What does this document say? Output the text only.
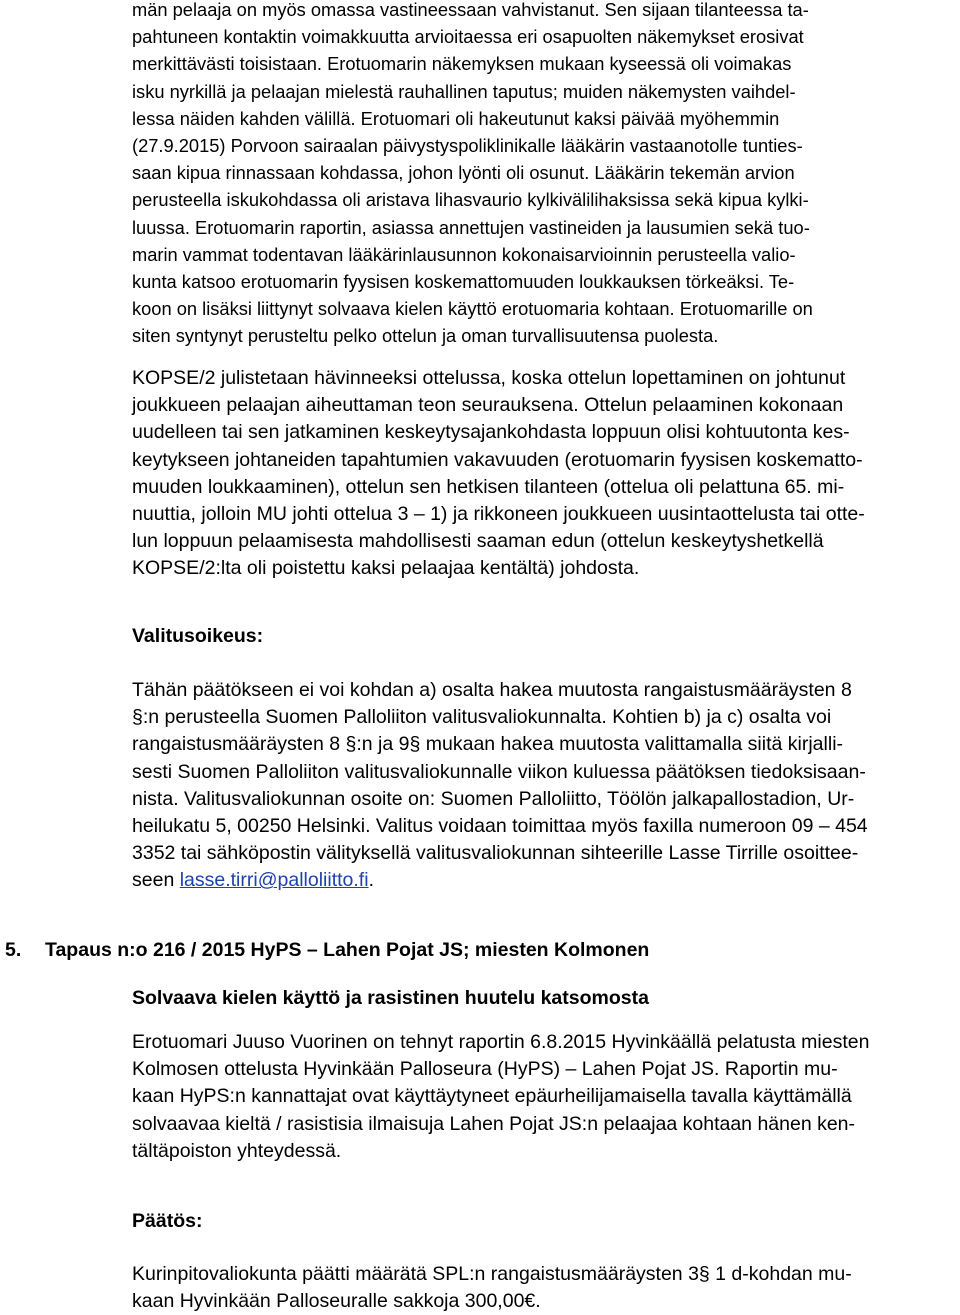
män pelaaja on myös omassa vastineessaan vahvistanut. Sen sijaan tilanteessa ta-
pahtuneen kontaktin voimakkuutta arvioitaessa eri osapuolten näkemykset erosivat
merkittävästi toisistaan. Erotuomarin näkemyksen mukaan kyseessä oli voimakas
isku nyrkillä ja pelaajan mielestä rauhallinen taputus; muiden näkemysten vaihdel-
lessa näiden kahden välillä. Erotuomari oli hakeutunut kaksi päivää myöhemmin
(27.9.2015) Porvoon sairaalan päivystyspoliklinikalle lääkärin vastaanotolle tunties-
saan kipua rinnassaan kohdassa, johon lyönti oli osunut. Lääkärin tekemän arvion
perusteella iskukohdassa oli aristava lihasvaurio kylkivälilihaksissa sekä kipua kylki-
luussa. Erotuomarin raportin, asiassa annettujen vastineiden ja lausumien sekä tuo-
marin vammat todentavan lääkärinlausunnon kokonaisarvioinnin perusteella valio-
kunta katsoo erotuomarin fyysisen koskemattomuuden loukkauksen törkeäksi. Te-
koon on lisäksi liittynyt solvaava kielen käyttö erotuomaria kohtaan. Erotuomarille on
siten syntynyt perusteltu pelko ottelun ja oman turvallisuutensa puolesta.
KOPSE/2 julistetaan hävinneeksi ottelussa, koska ottelun lopettaminen on johtunut
joukkueen pelaajan aiheuttaman teon seurauksena. Ottelun pelaaminen kokonaan
uudelleen tai sen jatkaminen keskeytysajankohdasta loppuun olisi kohtuutonta kes-
keytykseen johtaneiden tapahtumien vakavuuden (erotuomarin fyysisen koskematto-
muuden loukkaaminen), ottelun sen hetkisen tilanteen (ottelua oli pelattuna 65. mi-
nuuttia, jolloin MU johti ottelua 3 – 1) ja rikkoneen joukkueen uusintaottelusta tai otte-
lun loppuun pelaamisesta mahdollisesti saaman edun (ottelun keskeytyshetkellä
KOPSE/2:lta oli poistettu kaksi pelaajaa kentältä) johdosta.
Valitusoikeus:
Tähän päätökseen ei voi kohdan a) osalta hakea muutosta rangaistusmääräysten 8
§:n perusteella Suomen Palloliiton valitusvaliokunnalta. Kohtien b) ja c) osalta voi
rangaistusmääräysten 8 §:n ja 9§ mukaan hakea muutosta valittamalla siitä kirjalli-
sesti Suomen Palloliiton valitusvaliokunnalle viikon kuluessa päätöksen tiedoksisaan-
nista. Valitusvaliokunnan osoite on: Suomen Palloliitto, Töölön jalkapallostadion, Ur-
heilukatu 5, 00250 Helsinki. Valitus voidaan toimittaa myös faxilla numeroon 09 – 454
3352 tai sähköpostin välityksellä valitusvaliokunnan sihteerille Lasse Tirrille osoittee-
seen lasse.tirri@palloliitto.fi.
5. Tapaus n:o 216 / 2015 HyPS – Lahen Pojat JS; miesten Kolmonen
Solvaava kielen käyttö ja rasistinen huutelu katsomosta
Erotuomari Juuso Vuorinen on tehnyt raportin 6.8.2015 Hyvinkäällä pelatusta miesten
Kolmosen ottelusta Hyvinkään Palloseura (HyPS) – Lahen Pojat JS. Raportin mu-
kaan HyPS:n kannattajat ovat käyttäytyneet epäurheilijamaisella tavalla käyttämällä
solvaavaa kieltä / rasistisia ilmaisuja Lahen Pojat JS:n pelaajaa kohtaan hänen ken-
tältäpoiston yhteydessä.
Päätös:
Kurinpitovaliokunta päätti määrätä SPL:n rangaistusmääräysten 3§ 1 d-kohdan mu-
kaan Hyvinkään Palloseuralle sakkoja 300,00€.
